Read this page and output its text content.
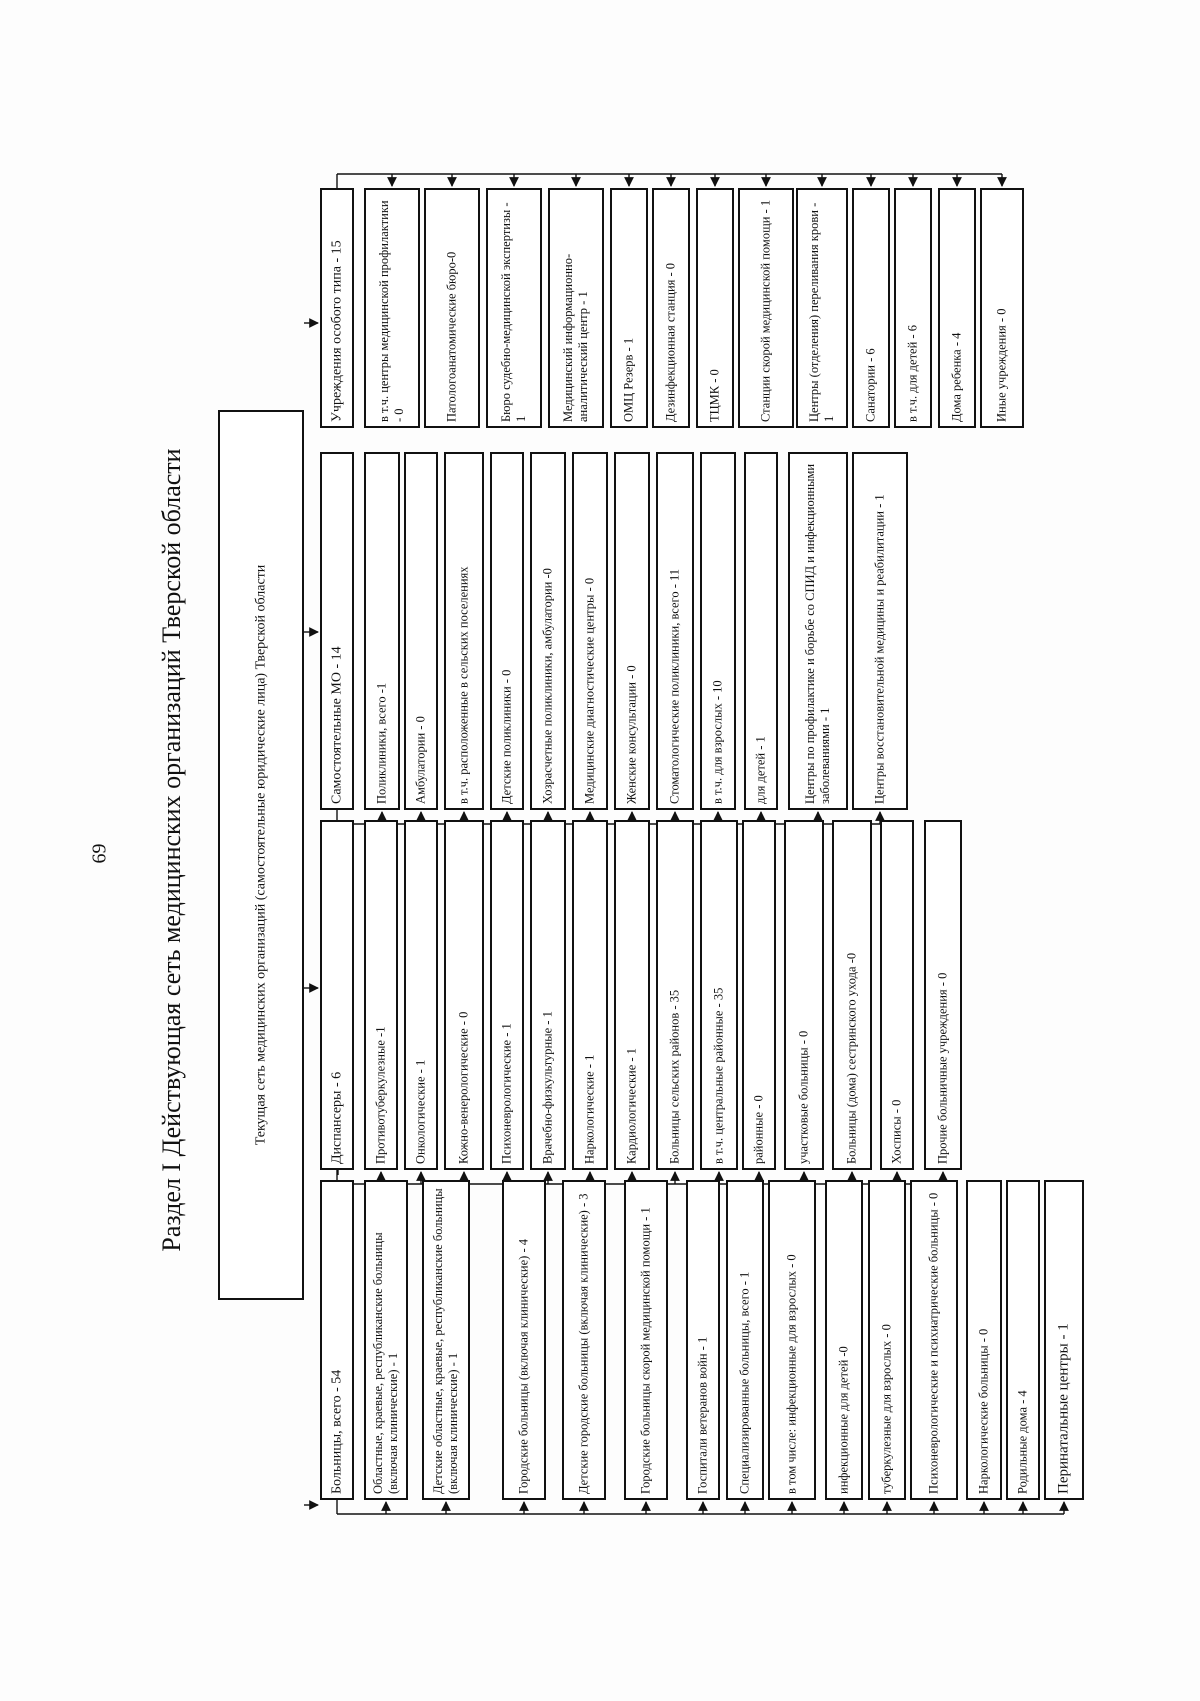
69 Раздел I Действующая сеть медицинских организаций Тверской области	Текущая сеть медицинских организаций (самостоятельные юридические лица) Тверской области
Больницы, всего - 54 Областные, краевые, республиканские больницы (включая клинические) - 1 Детские областные, краевые, республиканские больницы (включая клинические) - 1	Городские больницы (включая клинические) - 4	Детские городские больницы (включая клинические) - 3	Городские больницы скорой медицинской помощи - 1	Госпитали ветеранов войн - 1 Специализированные больницы, всего - 1	в том числе: инфекционные для взрослых - 0	инфекционные для детей -0 туберкулезные для взрослых - 0	Психоневрологические и психиатрические больницы - 0	Наркологические больницы - 0 Родильные дома - 4 Перинатальные центры - 1
Диспансеры - 6 Противотуберкулезные -1 Онкологические - 1 Кожно-венерологические - 0 Психоневрологические - 1 Врачебно-физкультурные - 1 Наркологические - 1 Кардиологические - 1 Больницы сельских районов - 35 в т.ч. центральные районные - 35 районные - 0 участковые больницы - 0	Больницы (дома) сестринского ухода -0 Хосписы - 0	Прочие больничные учреждения - 0
Самостоятельные МО - 14 Поликлиники, всего -1 Амбулатории - 0 в т.ч. расположенные в сельских поселениях Детские поликлиники - 0 Хозрасчетные поликлиники, амбулатории -0 Медицинские диагностические центры - 0 Женские консультации - 0 Стоматологические поликлиники, всего - 11 в т.ч. для взрослых - 10 для детей - 1	Центры по профилактике и борьбе со СПИД и инфекционными заболеваниями - 1	Центры восстановительной медицины и реабилитации - 1
Учреждения особого типа - 15	в т.ч. центры медицинской профилактики - 0	Патологоанатомические бюро-0	Бюро судебно-медицинской экспертизы - 1	Медицинский информационно-аналитический центр - 1	ОМЦ Резерв - 1 Дезинфекционная станция - 0 ТЦМК - 0	Станции скорой медицинской помощи - 1	Центры (отделения) переливания крови - 1 Санатории - 6 в т.ч. для детей - 6 Дома ребенка - 4 Иные учреждения - 0
